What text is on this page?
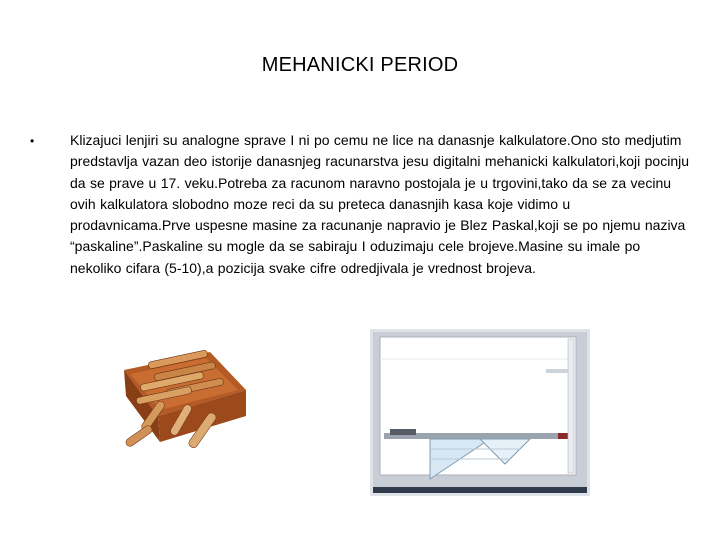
MEHANICKI PERIOD
•	Klizajuci lenjiri su analogne sprave I ni po cemu ne lice na danasnje kalkulatore.Ono sto medjutim predstavlja vazan deo istorije danasnjeg racunarstva jesu digitalni mehanicki kalkulatori,koji pocinju da se prave u 17. veku.Potreba za racunom naravno postojala je u trgovini,tako da se za vecinu ovih kalkulatora slobodno moze reci da su preteca danasnjih kasa koje vidimo u prodavnicama.Prve uspesne masine za racunanje napravio je Blez Paskal,koji se po njemu naziva “paskaline”.Paskaline su mogle da se sabiraju I oduzimaju cele brojeve.Masine su imale po nekoliko cifara (5-10),a pozicija svake cifre odredjivala je vrednost brojeva.
